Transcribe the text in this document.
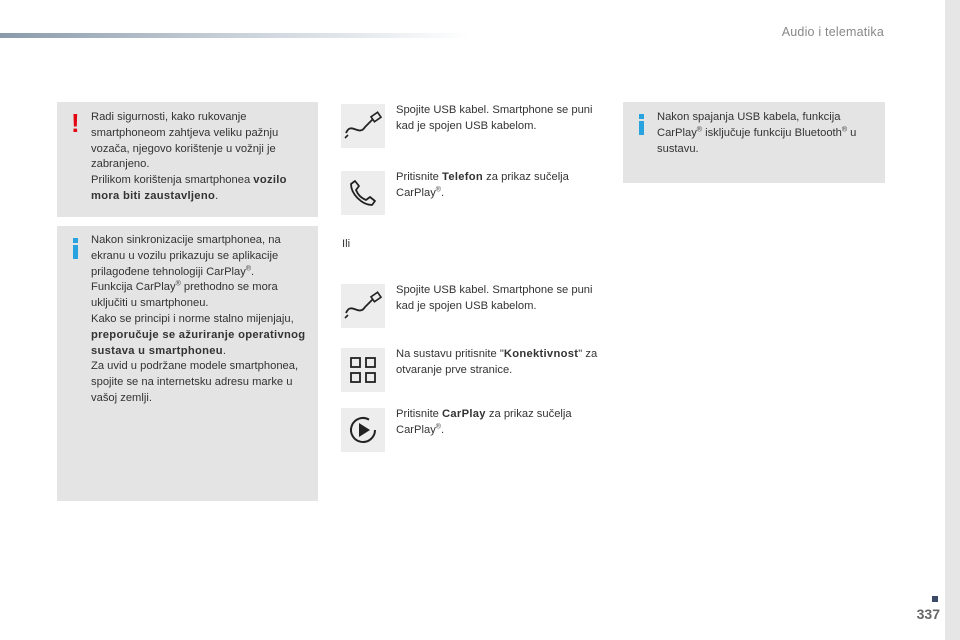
Audio i telematika
! Radi sigurnosti, kako rukovanje smartphoneom zahtjeva veliku pažnju vozača, njegovo korištenje u vožnji je zabranjeno.
Prilikom korištenja smartphonea vozilo mora biti zaustavljeno.

Nakon sinkronizacije smartphonea, na ekranu u vozilu prikazuju se aplikacije prilagođene tehnologiji CarPlay®.
Funkcija CarPlay® prethodno se mora uključiti u smartphoneu.
Kako se principi i norme stalno mijenjaju, preporučuje se ažuriranje operativnog sustava u smartphoneu.
Za uvid u podržane modele smartphonea, spojite se na internetsku adresu marke u vašoj zemlji.

Spojite USB kabel. Smartphone se puni kad je spojen USB kabelom.

Pritisnite Telefon za prikaz sučelja CarPlay®.

Ili

Spojite USB kabel. Smartphone se puni kad je spojen USB kabelom.

Na sustavu pritisnite "Konektivnost" za otvaranje prve stranice.

Pritisnite CarPlay za prikaz sučelja CarPlay®.

Nakon spajanja USB kabela, funkcija CarPlay® isključuje funkciju Bluetooth® u sustavu.

337
